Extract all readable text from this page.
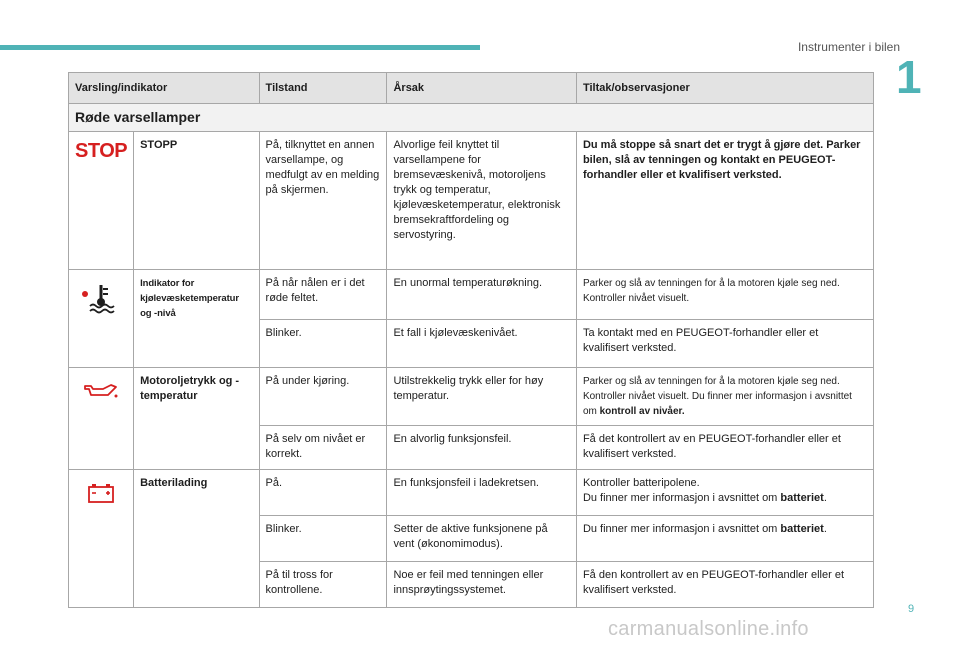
Instrumenter i bilen
1
Varsling/indikator		Tilstand	Årsak	Tiltak/observasjoner
Røde varsellamper				
STOP	STOPP	På, tilknyttet en annen varsellampe, og medfulgt av en melding på skjermen.	Alvorlige feil knyttet til varsellampene for bremsevæskenivå, motoroljens trykk og temperatur, kjølevæsketemperatur, elektronisk bremsekraftfordeling og servostyring.	Du må stoppe så snart det er trygt å gjøre det. Parker bilen, slå av tenningen og kontakt en PEUGEOT- forhandler eller et kvalifisert verksted.
	Indikator for kjølevæsketemperatur og -nivå	På når nålen er i det røde feltet.	En unormal temperaturøkning.	Parker og slå av tenningen for å la motoren kjøle seg ned. Kontroller nivået visuelt.
		Blinker.	Et fall i kjølevæskenivået.	Ta kontakt med en PEUGEOT-forhandler eller et kvalifisert verksted.
	Motoroljetrykk og -temperatur	På under kjøring.	Utilstrekkelig trykk eller for høy temperatur.	Parker og slå av tenningen for å la motoren kjøle seg ned. Kontroller nivået visuelt. Du finner mer informasjon i avsnittet om kontroll av nivåer.
		På selv om nivået er korrekt.	En alvorlig funksjonsfeil.	Få det kontrollert av en PEUGEOT-forhandler eller et kvalifisert verksted.
	Batterilading	På.	En funksjonsfeil i ladekretsen.	Kontroller batteripolene.
Du finner mer informasjon i avsnittet om batteriet.
		Blinker.	Setter de aktive funksjonene på vent (økonomimodus).	Du finner mer informasjon i avsnittet om batteriet.
		På til tross for kontrollene.	Noe er feil med tenningen eller innsprøytingssystemet.	Få den kontrollert av en PEUGEOT-forhandler eller et kvalifisert verksted.
9
carmanualsonline.info
